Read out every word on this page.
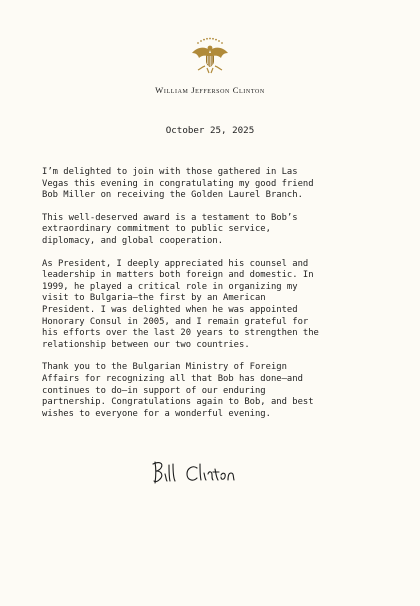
William Jefferson Clinton
October 25, 2025

I’m delighted to join with those gathered in Las
Vegas this evening in congratulating my good friend
Bob Miller on receiving the Golden Laurel Branch.

This well-deserved award is a testament to Bob’s
extraordinary commitment to public service,
diplomacy, and global cooperation.

As President, I deeply appreciated his counsel and
leadership in matters both foreign and domestic. In
1999, he played a critical role in organizing my
visit to Bulgaria—the first by an American
President. I was delighted when he was appointed
Honorary Consul in 2005, and I remain grateful for
his efforts over the last 20 years to strengthen the
relationship between our two countries.

Thank you to the Bulgarian Ministry of Foreign
Affairs for recognizing all that Bob has done—and
continues to do—in support of our enduring
partnership. Congratulations again to Bob, and best
wishes to everyone for a wonderful evening.
